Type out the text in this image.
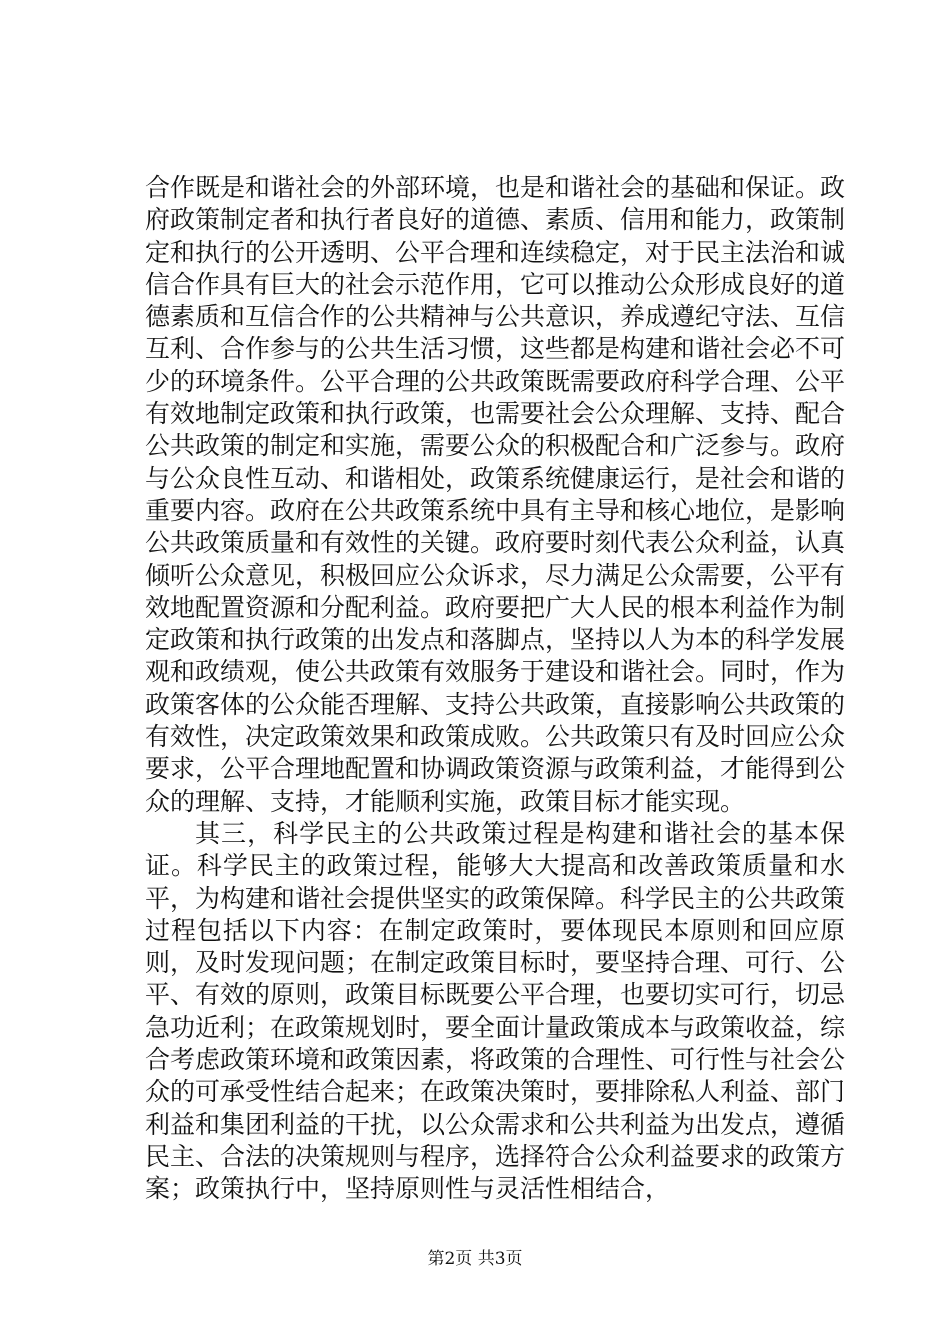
合作既是和谐社会的外部环境，也是和谐社会的基础和保证。政府政策制定者和执行者良好的道德、素质、信用和能力，政策制定和执行的公开透明、公平合理和连续稳定，对于民主法治和诚信合作具有巨大的社会示范作用，它可以推动公众形成良好的道德素质和互信合作的公共精神与公共意识，养成遵纪守法、互信互利、合作参与的公共生活习惯，这些都是构建和谐社会必不可少的环境条件。公平合理的公共政策既需要政府科学合理、公平有效地制定政策和执行政策，也需要社会公众理解、支持、配合公共政策的制定和实施，需要公众的积极配合和广泛参与。政府与公众良性互动、和谐相处，政策系统健康运行，是社会和谐的重要内容。政府在公共政策系统中具有主导和核心地位，是影响公共政策质量和有效性的关键。政府要时刻代表公众利益，认真倾听公众意见，积极回应公众诉求，尽力满足公众需要，公平有效地配置资源和分配利益。政府要把广大人民的根本利益作为制定政策和执行政策的出发点和落脚点，坚持以人为本的科学发展观和政绩观，使公共政策有效服务于建设和谐社会。同时，作为政策客体的公众能否理解、支持公共政策，直接影响公共政策的有效性，决定政策效果和政策成败。公共政策只有及时回应公众要求，公平合理地配置和协调政策资源与政策利益，才能得到公众的理解、支持，才能顺利实施，政策目标才能实现。

其三，科学民主的公共政策过程是构建和谐社会的基本保证。科学民主的政策过程，能够大大提高和改善政策质量和水平，为构建和谐社会提供坚实的政策保障。科学民主的公共政策过程包括以下内容：在制定政策时，要体现民本原则和回应原则，及时发现问题；在制定政策目标时，要坚持合理、可行、公平、有效的原则，政策目标既要公平合理，也要切实可行，切忌急功近利；在政策规划时，要全面计量政策成本与政策收益，综合考虑政策环境和政策因素，将政策的合理性、可行性与社会公众的可承受性结合起来；在政策决策时，要排除私人利益、部门利益和集团利益的干扰，以公众需求和公共利益为出发点，遵循民主、合法的决策规则与程序，选择符合公众利益要求的政策方案；政策执行中，坚持原则性与灵活性相结合，

第2页 共3页
